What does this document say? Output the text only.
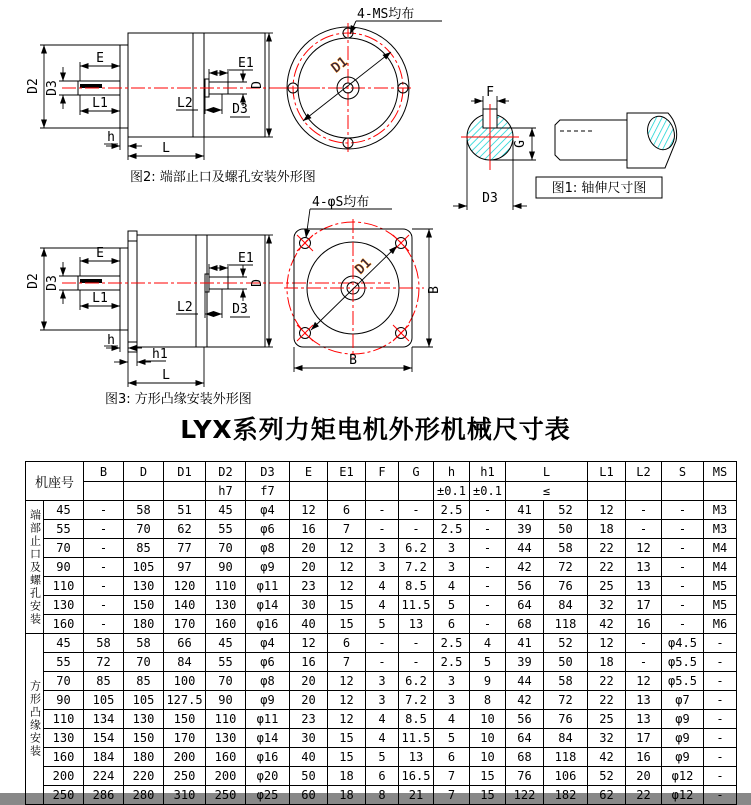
D2 D3
E
L1
E1
L2	D3
D
h
L
图2: 端部止口及螺孔安装外形图
D1
4-MS均布
F
G
D3
图1: 轴伸尺寸图
D2 D3
E
L1
E1
L2	D3
D
h
h1
L
图3: 方形凸缘安装外形图
D1
B
B
4-φS均布
LYX系列力矩电机外形机械尺寸表
机座号		B	D	D1	D2	D3	E	E1	F	G	h	h1	L		L1	L2	S	MS
					h7	f7					±0.1	±0.1	≤					
端部止口及螺孔安装	45	-	58	51	45	φ4	12	6	-	-	2.5	-	41	52	12	-	-	M3
	55	-	70	62	55	φ6	16	7	-	-	2.5	-	39	50	18	-	-	M3
	70	-	85	77	70	φ8	20	12	3	6.2	3	-	44	58	22	12	-	M4
	90	-	105	97	90	φ9	20	12	3	7.2	3	-	42	72	22	13	-	M4
	110	-	130	120	110	φ11	23	12	4	8.5	4	-	56	76	25	13	-	M5
	130	-	150	140	130	φ14	30	15	4	11.5	5	-	64	84	32	17	-	M5
	160	-	180	170	160	φ16	40	15	5	13	6	-	68	118	42	16	-	M6
方形凸缘安装	45	58	58	66	45	φ4	12	6	-	-	2.5	4	41	52	12	-	φ4.5	-
	55	72	70	84	55	φ6	16	7	-	-	2.5	5	39	50	18	-	φ5.5	-
	70	85	85	100	70	φ8	20	12	3	6.2	3	9	44	58	22	12	φ5.5	-
	90	105	105	127.5	90	φ9	20	12	3	7.2	3	8	42	72	22	13	φ7	-
	110	134	130	150	110	φ11	23	12	4	8.5	4	10	56	76	25	13	φ9	-
	130	154	150	170	130	φ14	30	15	4	11.5	5	10	64	84	32	17	φ9	-
	160	184	180	200	160	φ16	40	15	5	13	6	10	68	118	42	16	φ9	-
	200	224	220	250	200	φ20	50	18	6	16.5	7	15	76	106	52	20	φ12	-
	250	286	280	310	250	φ25	60	18	8	21	7	15	122	182	62	22	φ12	-
